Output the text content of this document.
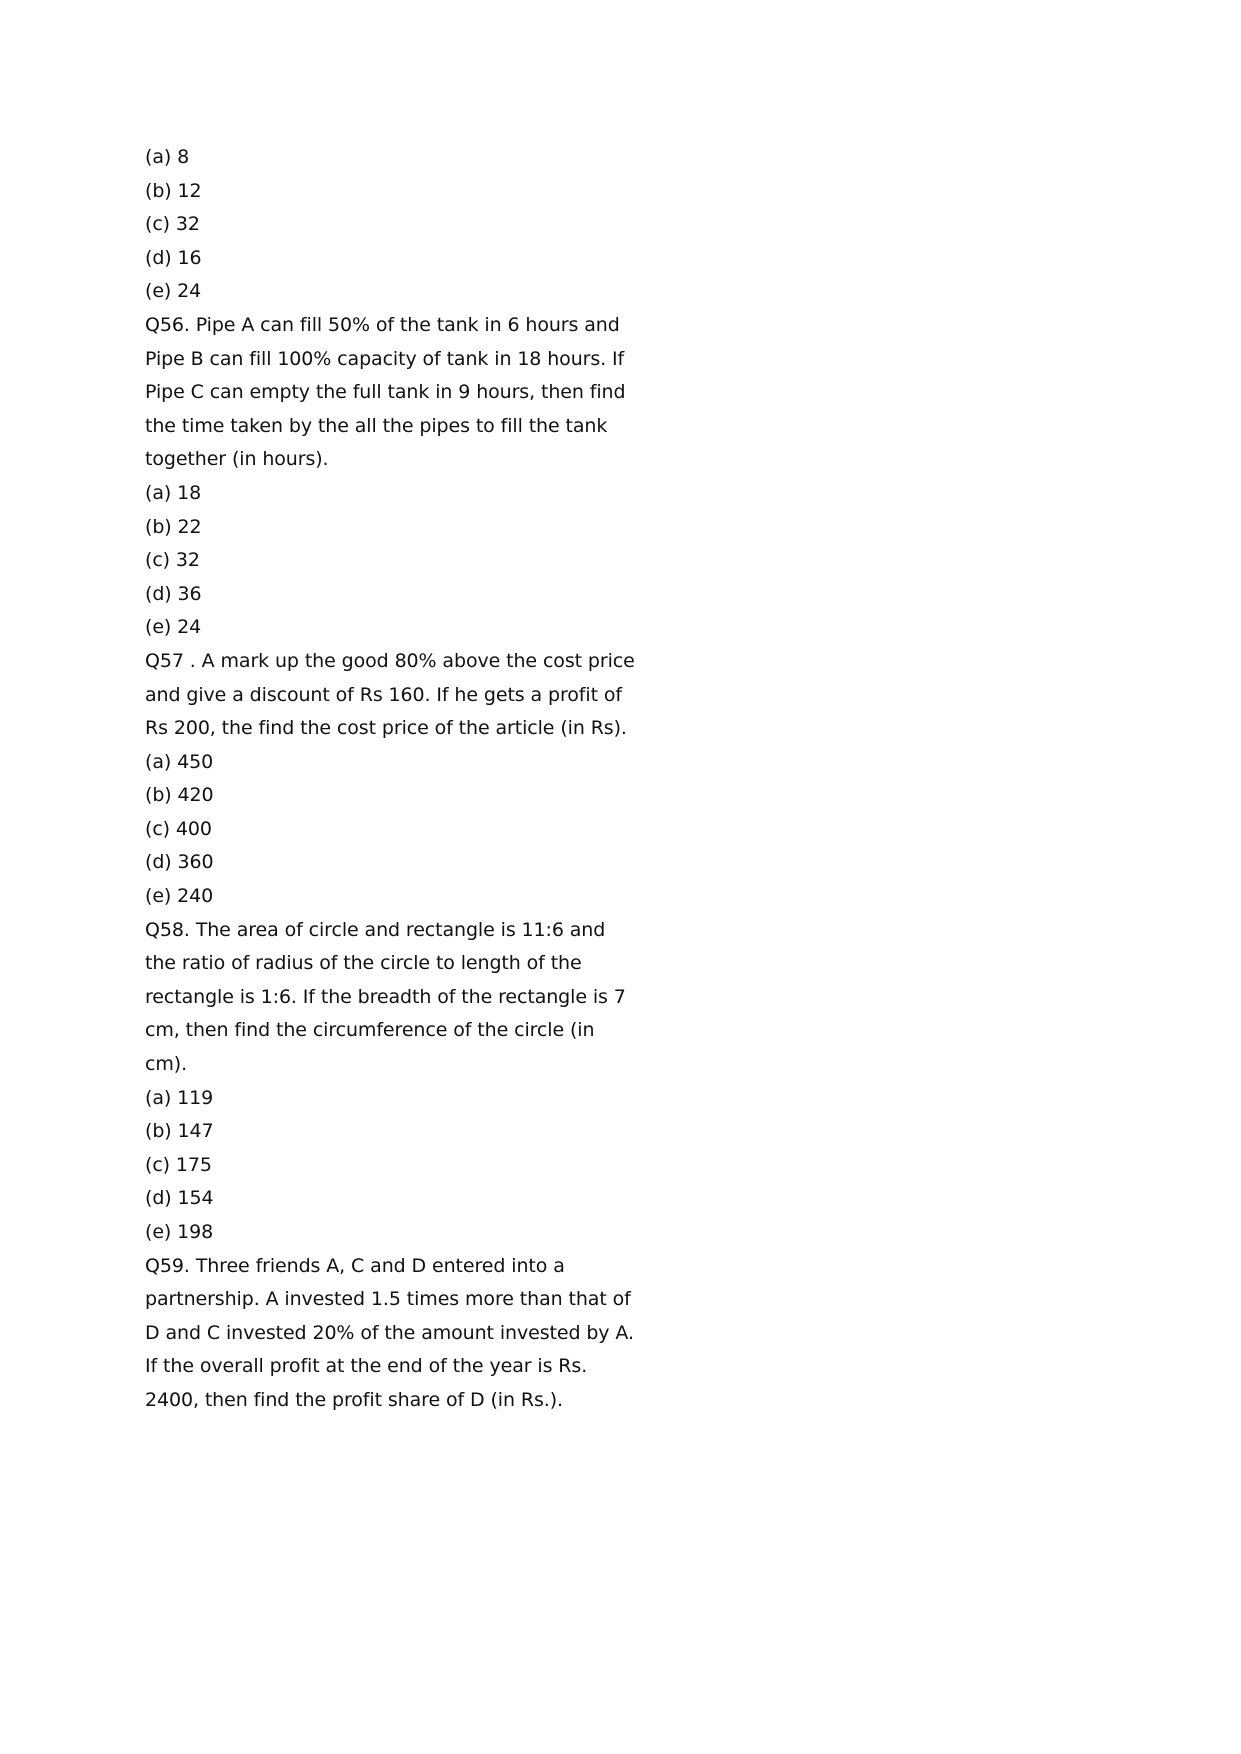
(a) 8
(b) 12
(c) 32
(d) 16
(e) 24
Q56. Pipe A can fill 50% of the tank in 6 hours and
Pipe B can fill 100% capacity of tank in 18 hours. If
Pipe C can empty the full tank in 9 hours, then find
the time taken by the all the pipes to fill the tank
together (in hours).
(a) 18
(b) 22
(c) 32
(d) 36
(e) 24
Q57 . A mark up the good 80% above the cost price
and give a discount of Rs 160. If he gets a profit of
Rs 200, the find the cost price of the article (in Rs).
(a) 450
(b) 420
(c) 400
(d) 360
(e) 240
Q58. The area of circle and rectangle is 11:6 and
the ratio of radius of the circle to length of the
rectangle is 1:6. If the breadth of the rectangle is 7
cm, then find the circumference of the circle (in
cm).
(a) 119
(b) 147
(c) 175
(d) 154
(e) 198
Q59. Three friends A, C and D entered into a
partnership. A invested 1.5 times more than that of
D and C invested 20% of the amount invested by A.
If the overall profit at the end of the year is Rs.
2400, then find the profit share of D (in Rs.).
